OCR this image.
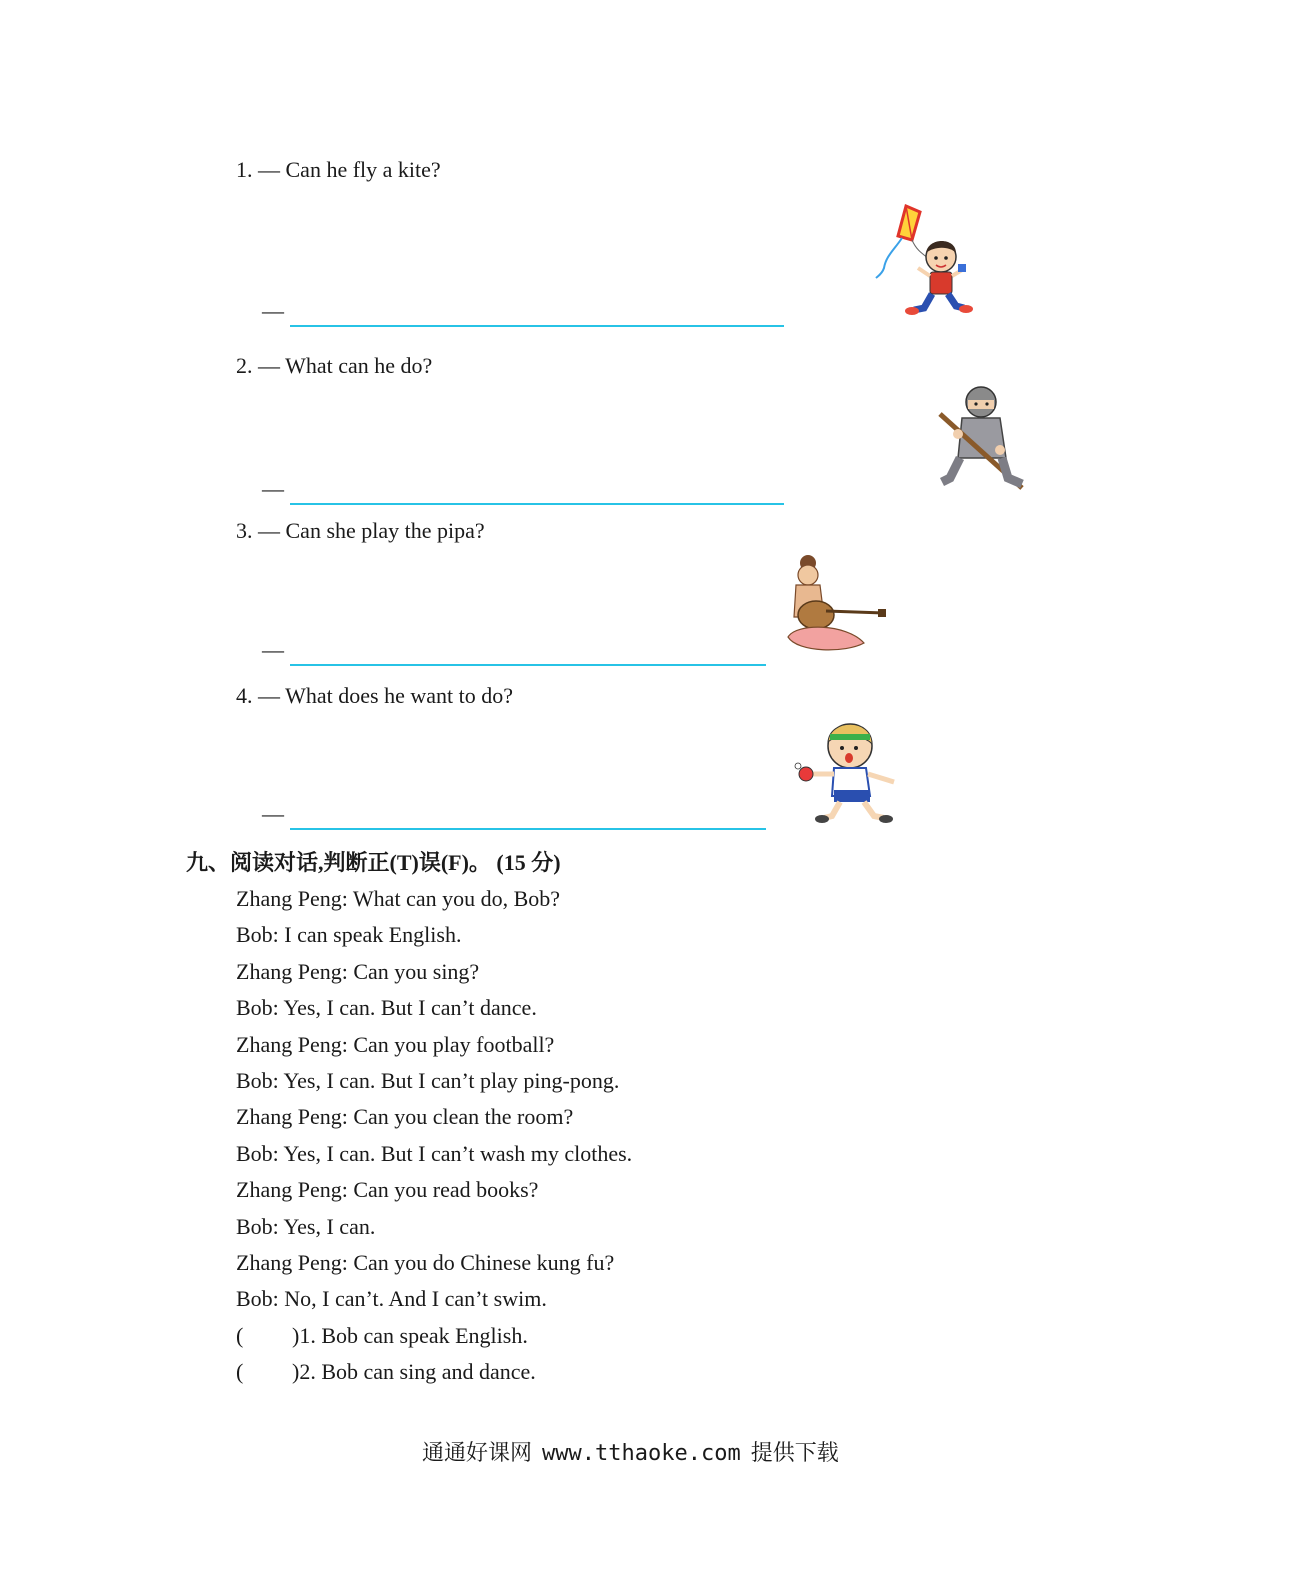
1. — Can he fly a kite?
—
2. — What can he do?
—
3. — Can she play the pipa?
—
4. — What does he want to do?
—
九、阅读对话,判断正(T)误(F)。 (15 分)
Zhang Peng: What can you do, Bob?
Bob: I can speak English.
Zhang Peng: Can you sing?
Bob: Yes, I can. But I can’t dance.
Zhang Peng: Can you play football?
Bob: Yes, I can. But I can’t play ping-pong.
Zhang Peng: Can you clean the room?
Bob: Yes, I can. But I can’t wash my clothes.
Zhang Peng: Can you read books?
Bob: Yes, I can.
Zhang Peng: Can you do Chinese kung fu?
Bob: No, I can’t. And I can’t swim.
( )1. Bob can speak English.
( )2. Bob can sing and dance.
通通好课网 www.tthaoke.com 提供下载
